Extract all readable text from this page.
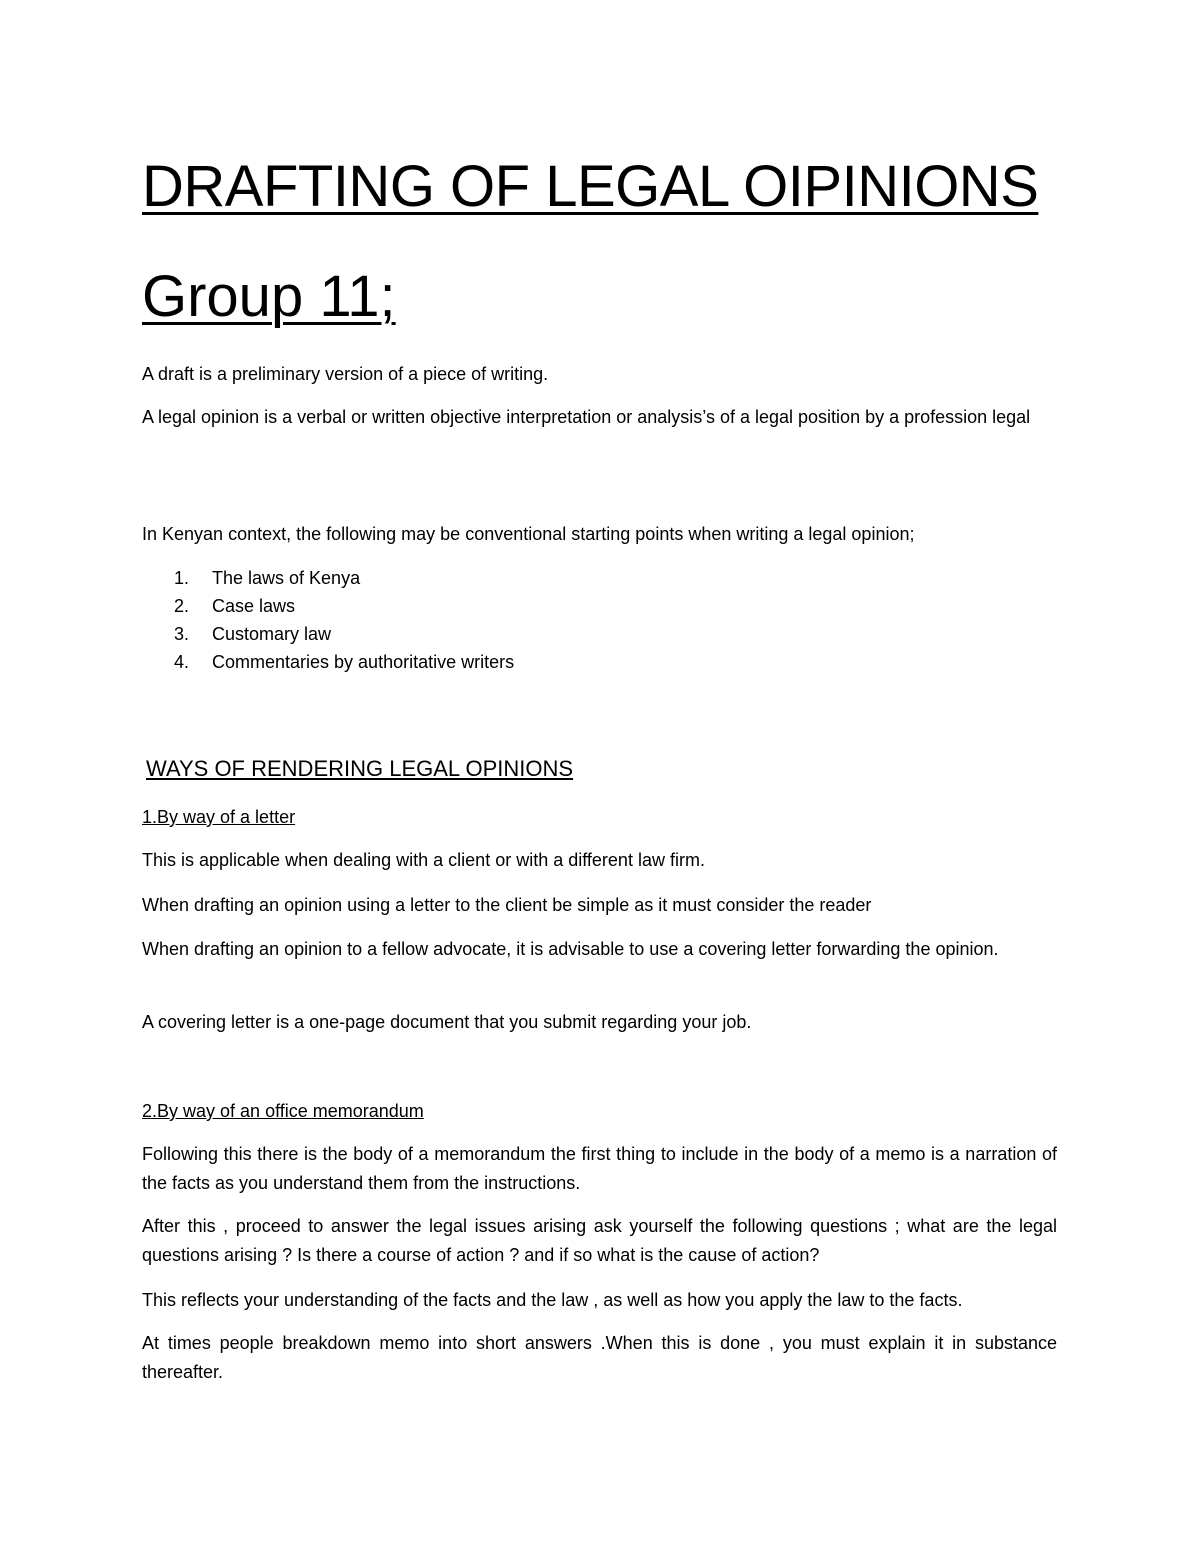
DRAFTING OF LEGAL OIPINIONS
Group 11;

A draft is a preliminary version of a piece of writing.

A legal opinion is a verbal or written objective interpretation or analysis’s of a legal position by a profession legal

In Kenyan context, the following may be conventional starting points when writing a legal opinion;

1. The laws of Kenya
2. Case laws
3. Customary law
4. Commentaries by authoritative writers
WAYS OF RENDERING LEGAL OPINIONS

1.By way of a letter

This is applicable when dealing with a client or with a different law firm.

When drafting an opinion using a letter to the client be simple as it must consider the reader

When drafting an opinion to a fellow advocate, it is advisable to use a covering letter forwarding the opinion.

A covering letter is a one-page document that you submit regarding your job.

2.By way of an office memorandum

Following this there is the body of a memorandum the first thing to include in the body of a memo is a narration of the facts as you understand them from the instructions.

After this , proceed to answer the legal issues arising ask yourself the following questions ; what are the legal questions arising ? Is there a course of action ? and if so what is the cause of action?

This reflects your understanding of the facts and the law , as well as how you apply the law to the facts.

At times people breakdown memo into short answers .When this is done , you must explain it in substance thereafter.
